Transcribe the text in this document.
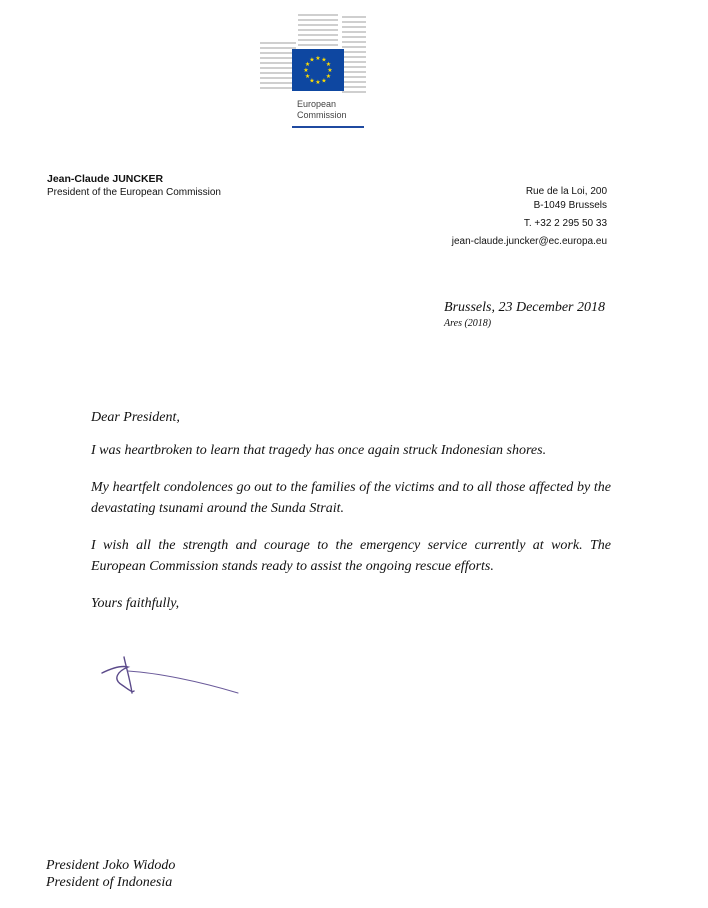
★ ★
★
★
★
★
★
★
★
★
★
★
European
Commission
Jean-Claude JUNCKER
President of the European Commission	Rue de la Loi, 200
B-1049 Brussels
T. +32 2 295 50 33
jean-claude.juncker@ec.europa.eu
Brussels, 23 December 2018
Ares (2018)

Dear President,

I was heartbroken to learn that tragedy has once again struck Indonesian shores.

My heartfelt condolences go out to the families of the victims and to all those affected by the devastating tsunami around the Sunda Strait.

I wish all the strength and courage to the emergency service currently at work. The European Commission stands ready to assist the ongoing rescue efforts.

Yours faithfully,

President Joko Widodo
President of Indonesia
